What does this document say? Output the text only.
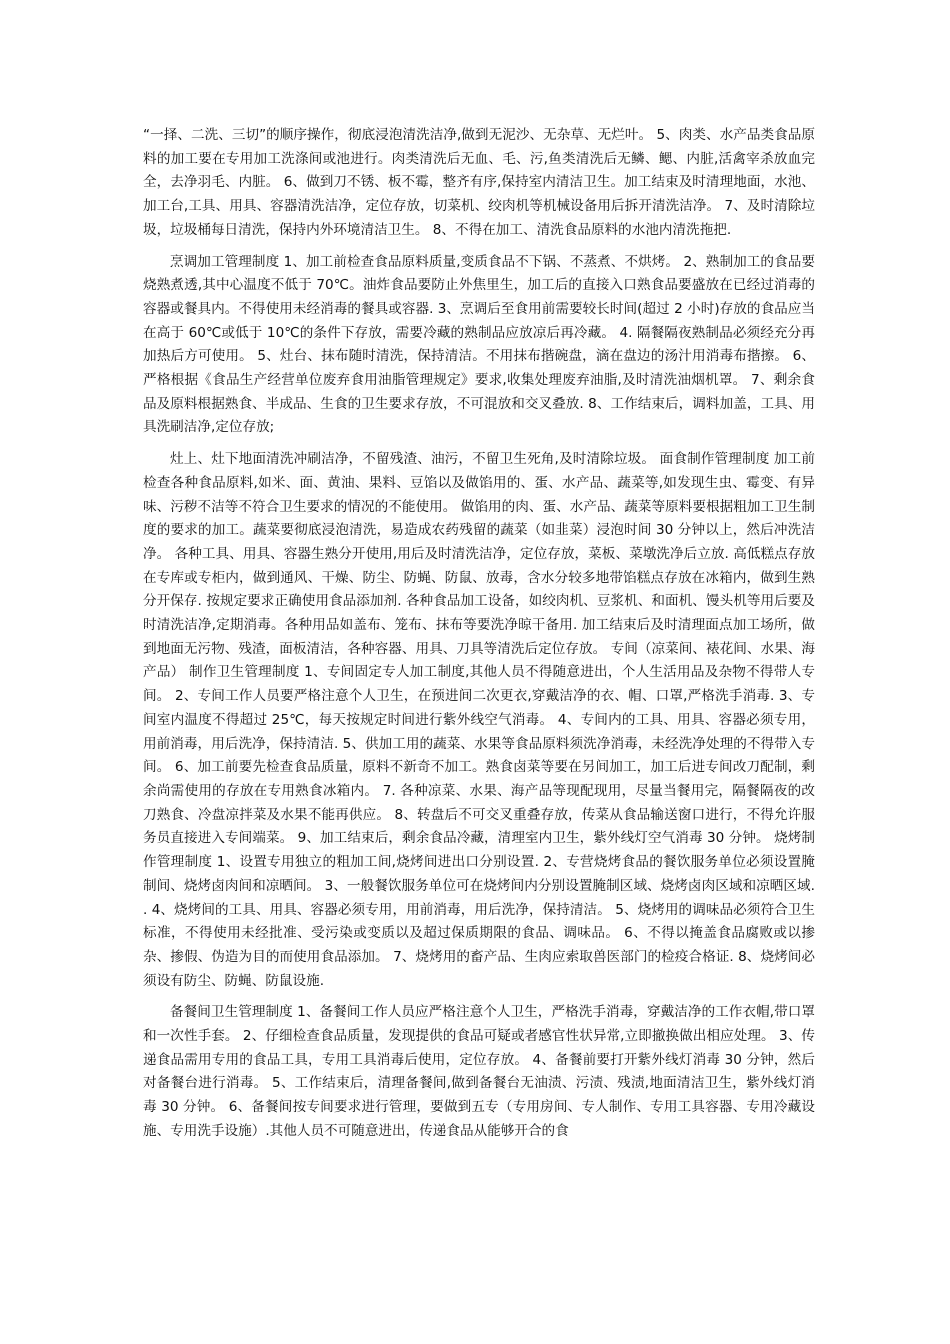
“一择、二洗、三切”的顺序操作，彻底浸泡清洗洁净,做到无泥沙、无杂草、无烂叶。 5、肉类、水产品类食品原料的加工要在专用加工洗涤间或池进行。肉类清洗后无血、毛、污,鱼类清洗后无鳞、鳃、内脏,活禽宰杀放血完全，去净羽毛、内脏。 6、做到刀不锈、板不霉，整齐有序,保持室内清洁卫生。加工结束及时清理地面，水池、加工台,工具、用具、容器清洗洁净，定位存放，切菜机、绞肉机等机械设备用后拆开清洗洁净。 7、及时清除垃圾，垃圾桶每日清洗，保持内外环境清洁卫生。 8、不得在加工、清洗食品原料的水池内清洗拖把.

烹调加工管理制度 1、加工前检查食品原料质量,变质食品不下锅、不蒸煮、不烘烤。 2、熟制加工的食品要烧熟煮透,其中心温度不低于 70℃。油炸食品要防止外焦里生，加工后的直接入口熟食品要盛放在已经过消毒的容器或餐具内。不得使用未经消毒的餐具或容器. 3、烹调后至食用前需要较长时间(超过 2 小时)存放的食品应当在高于 60℃或低于 10℃的条件下存放，需要冷藏的熟制品应放凉后再冷藏。 4. 隔餐隔夜熟制品必须经充分再加热后方可使用。 5、灶台、抹布随时清洗，保持清洁。不用抹布揩碗盘，滴在盘边的汤汁用消毒布揩擦。 6、严格根据《食品生产经营单位废弃食用油脂管理规定》要求,收集处理废弃油脂,及时清洗油烟机罩。 7、剩余食品及原料根据熟食、半成品、生食的卫生要求存放，不可混放和交叉叠放. 8、工作结束后，调料加盖，工具、用具洗刷洁净,定位存放;

灶上、灶下地面清洗冲刷洁净，不留残渣、油污，不留卫生死角,及时清除垃圾。 面食制作管理制度 加工前检查各种食品原料,如米、面、黄油、果料、豆馅以及做馅用的、蛋、水产品、蔬菜等,如发现生虫、霉变、有异味、污秽不洁等不符合卫生要求的情况的不能使用。 做馅用的肉、蛋、水产品、蔬菜等原料要根据粗加工卫生制度的要求的加工。蔬菜要彻底浸泡清洗，易造成农药残留的蔬菜（如韭菜）浸泡时间 30 分钟以上，然后冲洗洁净。 各种工具、用具、容器生熟分开使用,用后及时清洗洁净，定位存放，菜板、菜墩洗净后立放. 高低糕点存放在专库或专柜内，做到通风、干燥、防尘、防蝇、防鼠、放毒，含水分较多地带馅糕点存放在冰箱内，做到生熟分开保存. 按规定要求正确使用食品添加剂. 各种食品加工设备，如绞肉机、豆浆机、和面机、馒头机等用后要及时清洗洁净,定期消毒。各种用品如盖布、笼布、抹布等要洗净晾干备用. 加工结束后及时清理面点加工场所，做到地面无污物、残渣，面板清洁，各种容器、用具、刀具等清洗后定位存放。 专间（凉菜间、裱花间、水果、海产品） 制作卫生管理制度 1、专间固定专人加工制度,其他人员不得随意进出，个人生活用品及杂物不得带人专间。 2、专间工作人员要严格注意个人卫生，在预进间二次更衣,穿戴洁净的衣、帽、口罩,严格洗手消毒. 3、专间室内温度不得超过 25℃，每天按规定时间进行紫外线空气消毒。 4、专间内的工具、用具、容器必须专用，用前消毒，用后洗净，保持清洁. 5、供加工用的蔬菜、水果等食品原料须洗净消毒，未经洗净处理的不得带入专间。 6、加工前要先检查食品质量，原料不新奇不加工。熟食卤菜等要在另间加工，加工后进专间改刀配制，剩余尚需使用的存放在专用熟食冰箱内。 7. 各种凉菜、水果、海产品等现配现用，尽量当餐用完，隔餐隔夜的改刀熟食、冷盘凉拌菜及水果不能再供应。 8、转盘后不可交叉重叠存放，传菜从食品输送窗口进行，不得允许服务员直接进入专间端菜。 9、加工结束后，剩余食品冷藏，清理室内卫生，紫外线灯空气消毒 30 分钟。 烧烤制作管理制度 1、设置专用独立的粗加工间,烧烤间进出口分别设置. 2、专营烧烤食品的餐饮服务单位必须设置腌制间、烧烤卤肉间和凉晒间。 3、一般餐饮服务单位可在烧烤间内分别设置腌制区域、烧烤卤肉区域和凉晒区域. . 4、烧烤间的工具、用具、容器必须专用，用前消毒，用后洗净，保持清洁。 5、烧烤用的调味品必须符合卫生标准，不得使用未经批准、受污染或变质以及超过保质期限的食品、调味品。 6、不得以掩盖食品腐败或以掺杂、掺假、伪造为目的而使用食品添加。 7、烧烤用的畜产品、生肉应索取兽医部门的检疫合格证. 8、烧烤间必须设有防尘、防蝇、防鼠设施.

备餐间卫生管理制度 1、备餐间工作人员应严格注意个人卫生，严格洗手消毒，穿戴洁净的工作衣帽,带口罩和一次性手套。 2、仔细检查食品质量，发现提供的食品可疑或者感官性状异常,立即撤换做出相应处理。 3、传递食品需用专用的食品工具，专用工具消毒后使用，定位存放。 4、备餐前要打开紫外线灯消毒 30 分钟，然后对备餐台进行消毒。 5、工作结束后，清理备餐间,做到备餐台无油渍、污渍、残渍,地面清洁卫生，紫外线灯消毒 30 分钟。 6、备餐间按专间要求进行管理，要做到五专（专用房间、专人制作、专用工具容器、专用冷藏设施、专用洗手设施）.其他人员不可随意进出，传递食品从能够开合的食
